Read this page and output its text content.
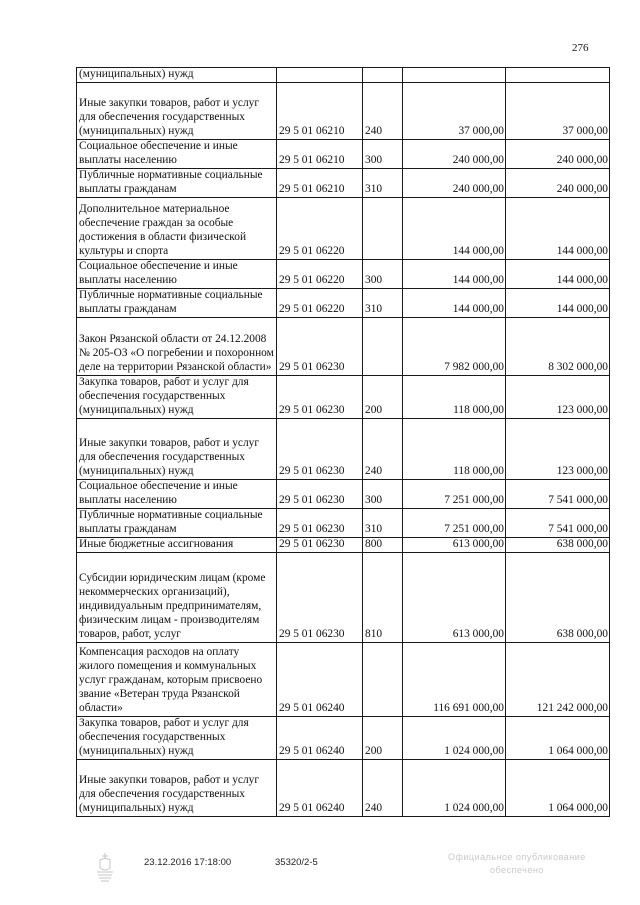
276
(муниципальных) нужд				
Иные закупки товаров, работ и услуг для обеспечения государственных (муниципальных) нужд	29 5 01 06210	240	37 000,00	37 000,00
Социальное обеспечение и иные выплаты населению	29 5 01 06210	300	240 000,00	240 000,00
Публичные нормативные социальные выплаты гражданам	29 5 01 06210	310	240 000,00	240 000,00
Дополнительное материальное обеспечение граждан за особые достижения в области физической культуры и спорта	29 5 01 06220		144 000,00	144 000,00
Социальное обеспечение и иные выплаты населению	29 5 01 06220	300	144 000,00	144 000,00
Публичные нормативные социальные выплаты гражданам	29 5 01 06220	310	144 000,00	144 000,00
Закон Рязанской области от 24.12.2008 № 205-ОЗ «О погребении и похоронном деле на территории Рязанской области»	29 5 01 06230		7 982 000,00	8 302 000,00
Закупка товаров, работ и услуг для обеспечения государственных (муниципальных) нужд	29 5 01 06230	200	118 000,00	123 000,00
Иные закупки товаров, работ и услуг для обеспечения государственных (муниципальных) нужд	29 5 01 06230	240	118 000,00	123 000,00
Социальное обеспечение и иные выплаты населению	29 5 01 06230	300	7 251 000,00	7 541 000,00
Публичные нормативные социальные выплаты гражданам	29 5 01 06230	310	7 251 000,00	7 541 000,00
Иные бюджетные ассигнования	29 5 01 06230	800	613 000,00	638 000,00
Субсидии юридическим лицам (кроме некоммерческих организаций), индивидуальным предпринимателям, физическим лицам - производителям товаров, работ, услуг	29 5 01 06230	810	613 000,00	638 000,00
Компенсация расходов на оплату жилого помещения и коммунальных услуг гражданам, которым присвоено звание «Ветеран труда Рязанской области»	29 5 01 06240		116 691 000,00	121 242 000,00
Закупка товаров, работ и услуг для обеспечения государственных (муниципальных) нужд	29 5 01 06240	200	1 024 000,00	1 064 000,00
Иные закупки товаров, работ и услуг для обеспечения государственных (муниципальных) нужд	29 5 01 06240	240	1 024 000,00	1 064 000,00
23.12.2016 17:18:00	35320/2-5	Официальное опубликование
обеспечено
